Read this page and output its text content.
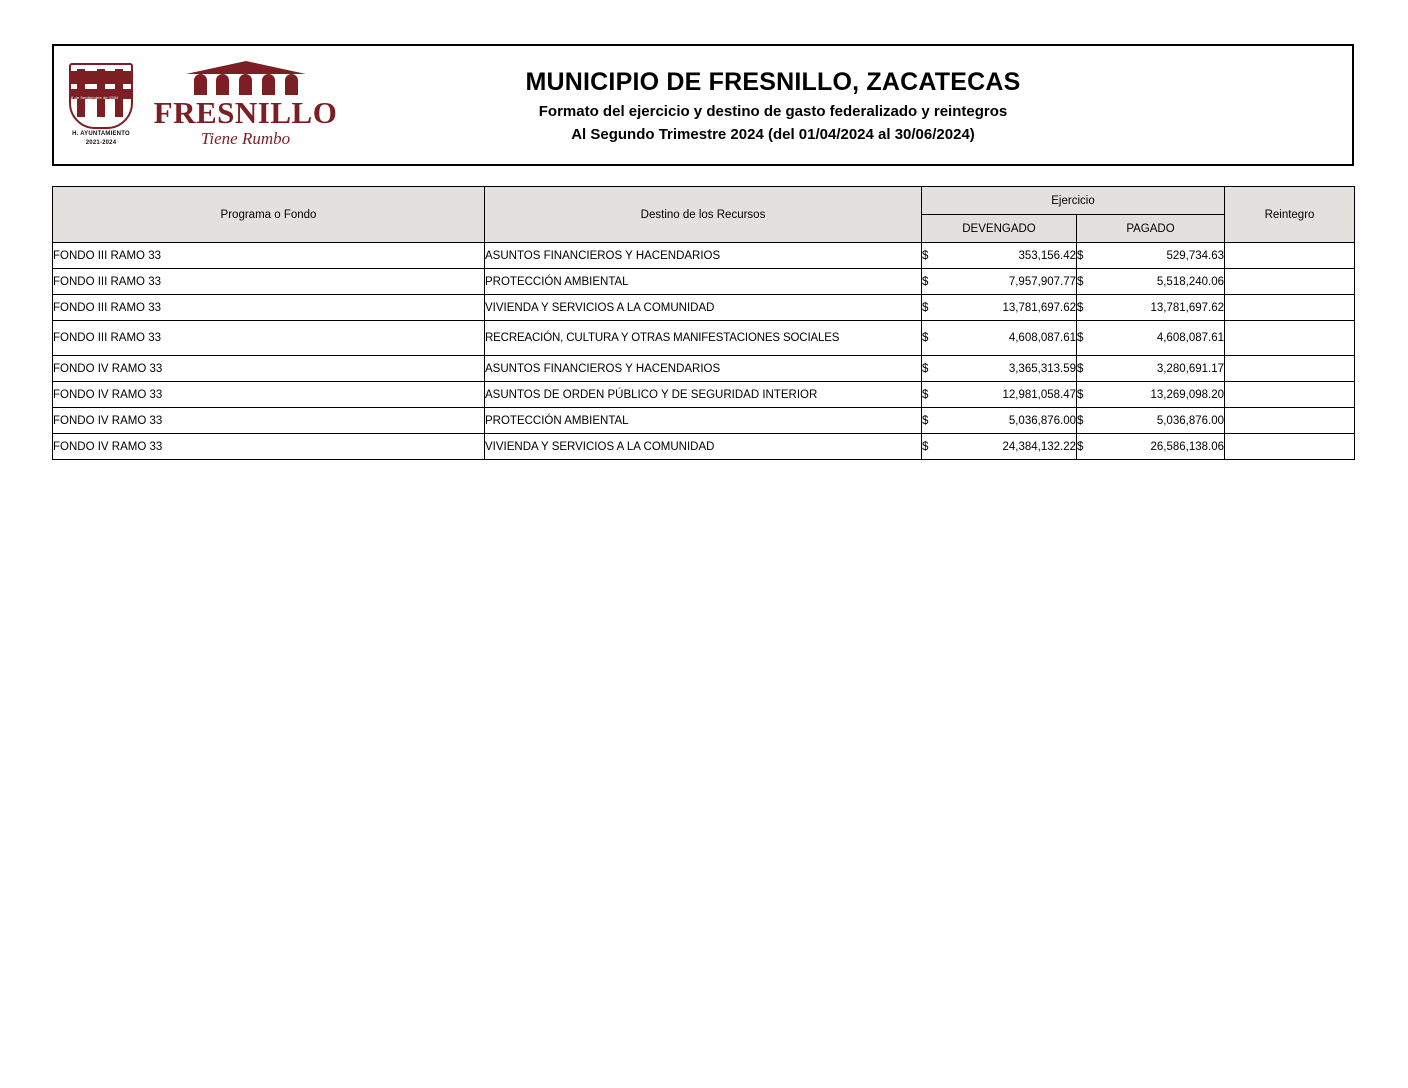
8 de Septiembre de 1554
H. AYUNTAMIENTO
2021-2024
FRESNILLO
Tiene Rumbo
MUNICIPIO DE FRESNILLO, ZACATECAS
Formato del ejercicio y destino de gasto federalizado y reintegros
Al Segundo Trimestre 2024 (del 01/04/2024 al 30/06/2024)
Programa o Fondo	Destino de los Recursos	Ejercicio		Reintegro
		DEVENGADO	PAGADO	
FONDO III RAMO 33	ASUNTOS FINANCIEROS Y HACENDARIOS	$ 353,156.42	$ 529,734.63	

FONDO III RAMO 33	PROTECCIÓN AMBIENTAL	$ 7,957,907.77	$ 5,518,240.06	

FONDO III RAMO 33	VIVIENDA Y SERVICIOS A LA COMUNIDAD	$ 13,781,697.62	$ 13,781,697.62	

FONDO III RAMO 33	RECREACIÓN, CULTURA Y OTRAS MANIFESTACIONES SOCIALES	$ 4,608,087.61	$ 4,608,087.61	

FONDO IV RAMO 33	ASUNTOS FINANCIEROS Y HACENDARIOS	$ 3,365,313.59	$ 3,280,691.17	

FONDO IV RAMO 33	ASUNTOS DE ORDEN PÚBLICO Y DE SEGURIDAD INTERIOR	$ 12,981,058.47	$ 13,269,098.20	

FONDO IV RAMO 33	PROTECCIÓN AMBIENTAL	$ 5,036,876.00	$ 5,036,876.00	

FONDO IV RAMO 33	VIVIENDA Y SERVICIOS A LA COMUNIDAD	$ 24,384,132.22	$ 26,586,138.06	
